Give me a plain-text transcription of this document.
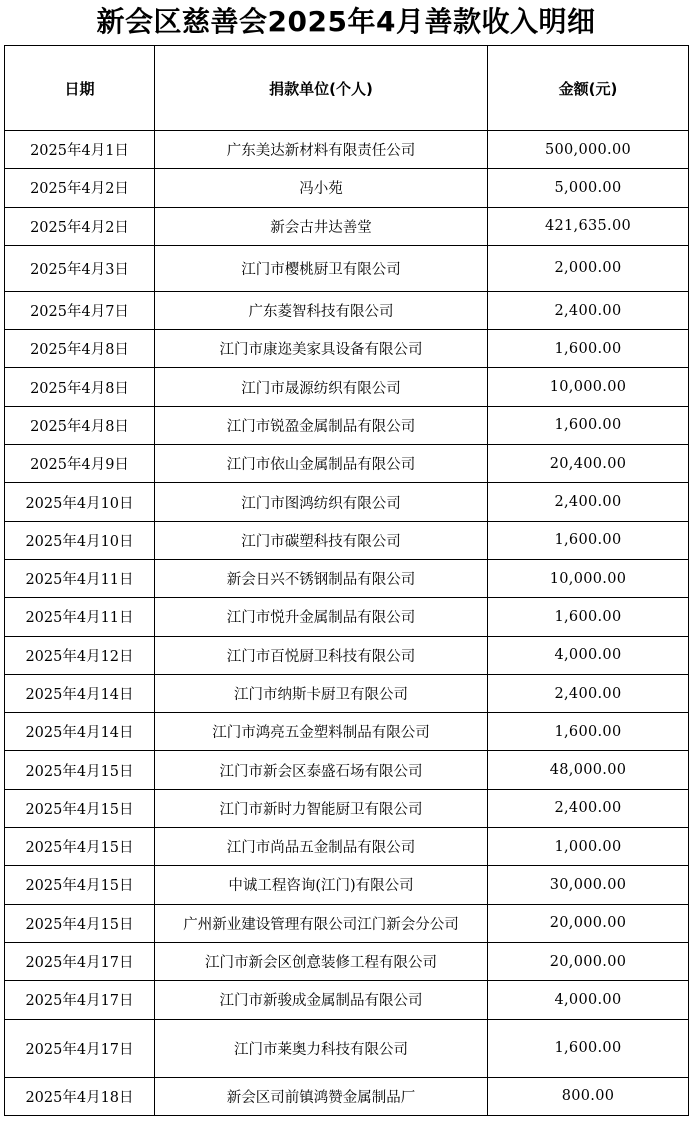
新会区慈善会2025年4月善款收入明细
日期	捐款单位(个人)	金额(元)
2025年4月1日	广东美达新材料有限责任公司	500,000.00
2025年4月2日	冯小苑	5,000.00
2025年4月2日	新会古井达善堂	421,635.00
2025年4月3日	江门市樱桃厨卫有限公司	2,000.00
2025年4月7日	广东菱智科技有限公司	2,400.00
2025年4月8日	江门市康迩美家具设备有限公司	1,600.00
2025年4月8日	江门市晟源纺织有限公司	10,000.00
2025年4月8日	江门市锐盈金属制品有限公司	1,600.00
2025年4月9日	江门市依山金属制品有限公司	20,400.00
2025年4月10日	江门市图鸿纺织有限公司	2,400.00
2025年4月10日	江门市碳塑科技有限公司	1,600.00
2025年4月11日	新会日兴不锈钢制品有限公司	10,000.00
2025年4月11日	江门市悦升金属制品有限公司	1,600.00
2025年4月12日	江门市百悦厨卫科技有限公司	4,000.00
2025年4月14日	江门市纳斯卡厨卫有限公司	2,400.00
2025年4月14日	江门市鸿亮五金塑料制品有限公司	1,600.00
2025年4月15日	江门市新会区泰盛石场有限公司	48,000.00
2025年4月15日	江门市新时力智能厨卫有限公司	2,400.00
2025年4月15日	江门市尚品五金制品有限公司	1,000.00
2025年4月15日	中诚工程咨询(江门)有限公司	30,000.00
2025年4月15日	广州新业建设管理有限公司江门新会分公司	20,000.00
2025年4月17日	江门市新会区创意装修工程有限公司	20,000.00
2025年4月17日	江门市新骏成金属制品有限公司	4,000.00
2025年4月17日	江门市莱奥力科技有限公司	1,600.00
2025年4月18日	新会区司前镇鸿赞金属制品厂	800.00
